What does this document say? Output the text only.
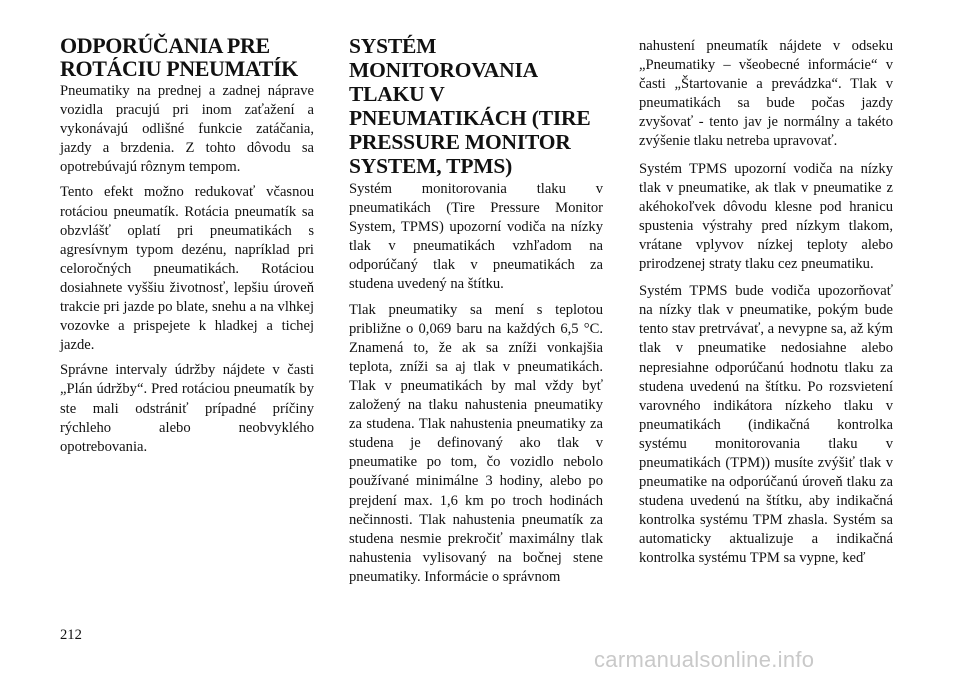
ODPORÚČANIA PRE ROTÁCIU PNEUMATÍK

Pneumatiky na prednej a zadnej náprave vozidla pracujú pri inom zaťažení a vykonávajú odlišné funkcie zatáčania, jazdy a brzdenia. Z tohto dôvodu sa opotrebúvajú rôznym tempom.

Tento efekt možno redukovať včasnou rotáciou pneumatík. Rotácia pneumatík sa obzvlášť oplatí pri pneumatikách s agresívnym typom dezénu, napríklad pri celoročných pneumatikách. Rotáciou dosiahnete vyššiu životnosť, lepšiu úroveň trakcie pri jazde po blate, snehu a na vlhkej vozovke a prispejete k hladkej a tichej jazde.

Správne intervaly údržby nájdete v časti „Plán údržby“. Pred rotáciou pneumatík by ste mali odstrániť prípadné príčiny rýchleho alebo neobvyklého opotrebovania.

SYSTÉM MONITOROVANIA TLAKU V PNEUMATIKÁCH (TIRE PRESSURE MONITOR SYSTEM, TPMS)

Systém monitorovania tlaku v pneumatikách (Tire Pressure Monitor System, TPMS) upozorní vodiča na nízky tlak v pneumatikách vzhľadom na odporúčaný tlak v pneumatikách za studena uvedený na štítku.

Tlak pneumatiky sa mení s teplotou približne o 0,069 baru na každých 6,5 °C. Znamená to, že ak sa zníži vonkajšia teplota, zníži sa aj tlak v pneumatikách. Tlak v pneumatikách by mal vždy byť založený na tlaku nahustenia pneumatiky za studena. Tlak nahustenia pneumatiky za studena je definovaný ako tlak v pneumatike po tom, čo vozidlo nebolo používané minimálne 3 hodiny, alebo po prejdení max. 1,6 km po troch hodinách nečinnosti. Tlak nahustenia pneumatík za studena nesmie prekročiť maximálny tlak nahustenia vylisovaný na bočnej stene pneumatiky. Informácie o správnom

nahustení pneumatík nájdete v odseku „Pneumatiky – všeobecné informácie“ v časti „Štartovanie a prevádzka“. Tlak v pneumatikách sa bude počas jazdy zvyšovať - tento jav je normálny a takéto zvýšenie tlaku netreba upravovať.

Systém TPMS upozorní vodiča na nízky tlak v pneumatike, ak tlak v pneumatike z akéhokoľvek dôvodu klesne pod hranicu spustenia výstrahy pred nízkym tlakom, vrátane vplyvov nízkej teploty alebo prirodzenej straty tlaku cez pneumatiku.

Systém TPMS bude vodiča upozorňovať na nízky tlak v pneumatike, pokým bude tento stav pretrvávať, a nevypne sa, až kým tlak v pneumatike nedosiahne alebo nepresiahne odporúčanú hodnotu tlaku za studena uvedenú na štítku. Po rozsvietení varovného indikátora nízkeho tlaku v pneumatikách (indikačná kontrolka systému monitorovania tlaku v pneumatikách (TPM)) musíte zvýšiť tlak v pneumatike na odporúčanú úroveň tlaku za studena uvedenú na štítku, aby indikačná kontrolka systému TPM zhasla. Systém sa automaticky aktualizuje a indikačná kontrolka systému TPM sa vypne, keď

212
carmanualsonline.info
